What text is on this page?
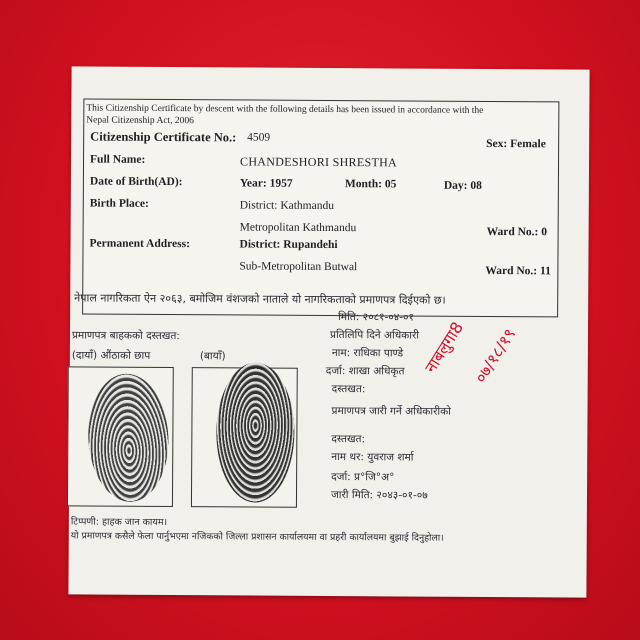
This Citizenship Certificate by descent with the following details has been issued in accordance with the
Nepal Citizenship Act, 2006
Citizenship Certificate No.: 4509
Sex: Female
Full Name:	CHANDESHORI SHRESTHA
Date of Birth(AD):	Year: 1957	Month: 05	Day: 08
Birth Place:	District: Kathmandu
Metropolitan Kathmandu	Ward No.: 0
Permanent Address:	District: Rupandehi
Sub-Metropolitan Butwal	Ward No.: 11
नेपाल नागरिकता ऐन २०६३, बमोजिम वंशजको नाताले यो नागरिकताको प्रमाणपत्र दिईएको छ।
मिति: २०८१-०४-०१
प्रतिलिपि दिने अधिकारी
नाम: राधिका पाण्डे
दर्जा: शाखा अधिकृत
दस्तखत:
प्रमाणपत्र बाहकको दस्तखत:
(दायाँ) औंठाको छाप	(बायाँ)
प्रमाणपत्र जारी गर्ने अधिकारीको
दस्तखत:
नाम थर: युवराज शर्मा
दर्जा: प्र°जि°अ°
जारी मिति: २०४३-०१-०७
टिप्पणी: हाहक जान कायम।
यो प्रमाणपत्र कसैले फेला पार्नुभएमा नजिकको जिल्ला प्रशासन कार्यालयमा वा प्रहरी कार्यालयमा बुझाई दिनुहोला।
नाबलुगा8 ०७/१८/१९
